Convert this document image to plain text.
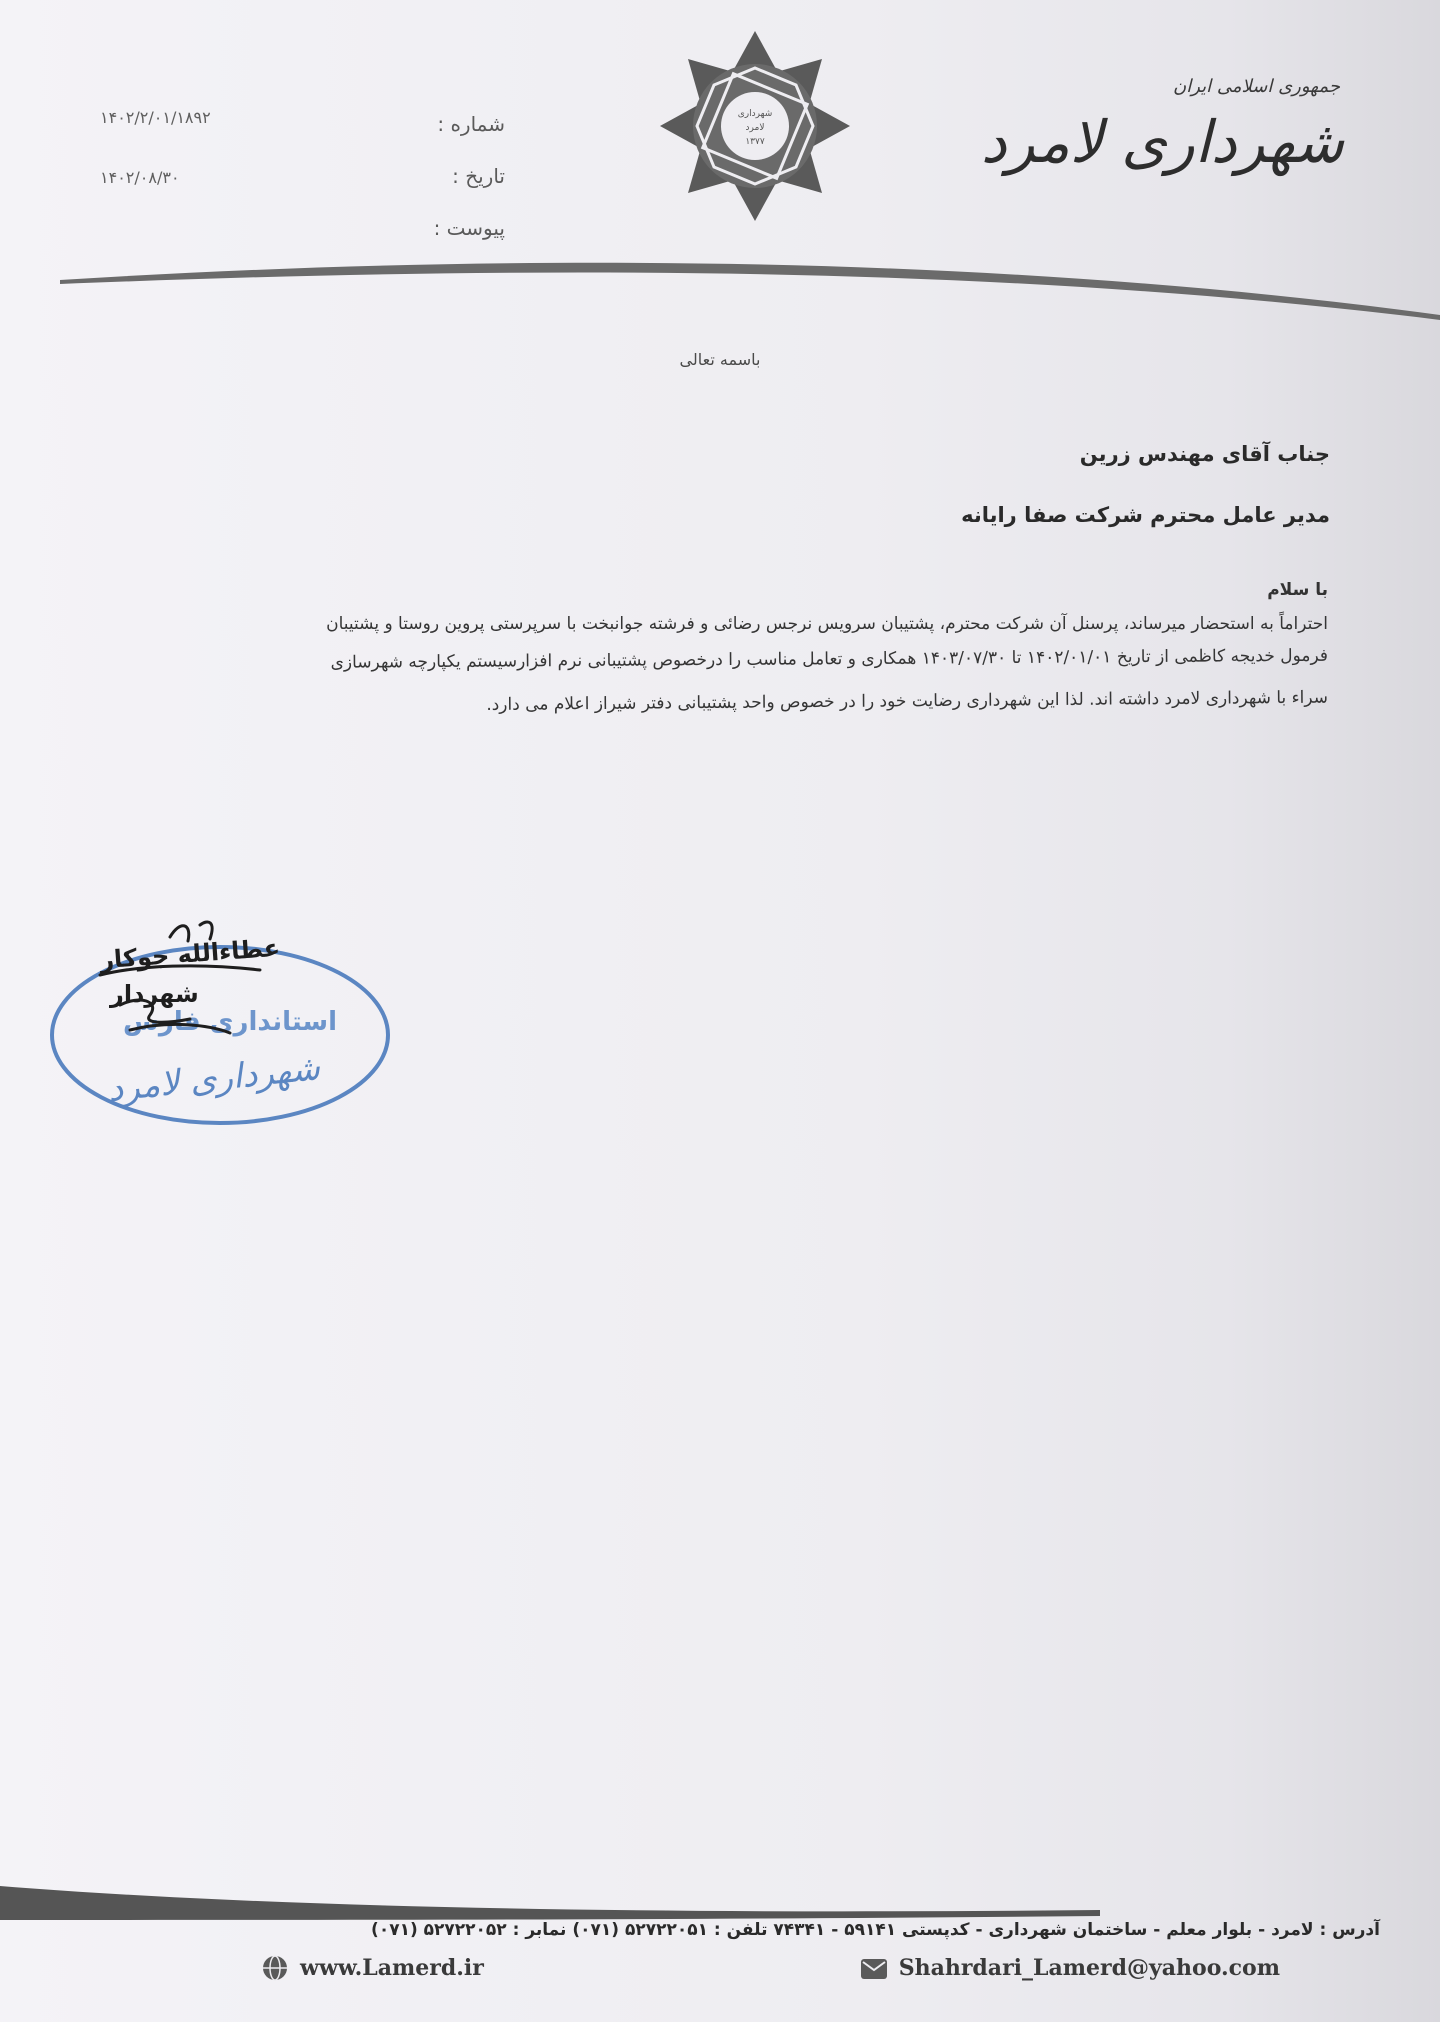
جمهوری اسلامی ایران
شهرداری لامرد
شهرداری
لامرد
۱۳۷۷
شماره :
تاریخ :
پیوست :
۱۴۰۲/۲/۰۱/۱۸۹۲
۱۴۰۲/۰۸/۳۰
باسمه تعالی
جناب آقای مهندس زرین
مدیر عامل محترم شرکت صفا رایانه
با سلام
احتراماً به استحضار میرساند، پرسنل آن شرکت محترم، پشتیبان سرویس نرجس رضائی و فرشته جوانبخت با سرپرستی پروین روستا و پشتیبان
فرمول خدیجه کاظمی از تاریخ ۱۴۰۲/۰۱/۰۱ تا ۱۴۰۳/۰۷/۳۰ همکاری و تعامل مناسب را درخصوص پشتیبانی نرم افزارسیستم یکپارچه شهرسازی
سراء با شهرداری لامرد داشته اند. لذا این شهرداری رضایت خود را در خصوص واحد پشتیبانی دفتر شیراز اعلام می دارد.
استانداری فارس
شهرداری لامرد
عطاءالله جوکار
شهردار
آدرس : لامرد - بلوار معلم - ساختمان شهرداری - کدپستی ۵۹۱۴۱ - ۷۴۳۴۱ تلفن : ۵۲۷۲۲۰۵۱ (۰۷۱) نمابر : ۵۲۷۲۲۰۵۲ (۰۷۱)
Shahrdari_Lamerd@yahoo.com
www.Lamerd.ir
